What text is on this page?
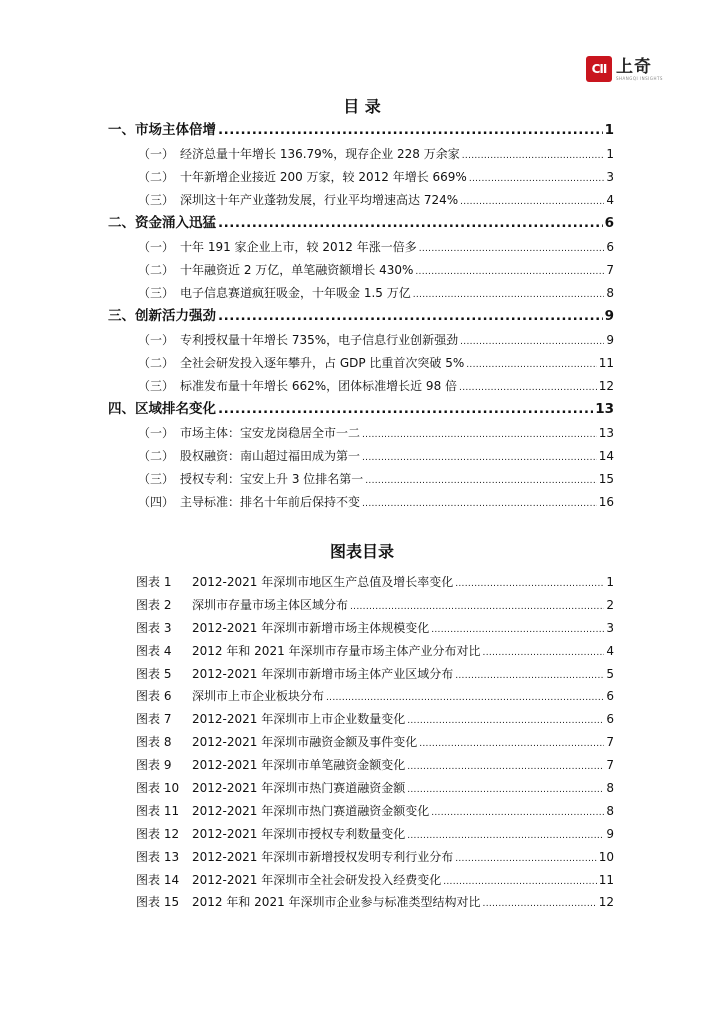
CII 上奇
SHANGQI INSIGHTS
目 录
一、市场主体倍增 .....	1
（一） 经济总量十年增长 136.79%，现存企业 228 万余家 .....	1
（二） 十年新增企业接近 200 万家，较 2012 年增长 669% .....	3
（三） 深圳这十年产业蓬勃发展，行业平均增速高达 724% .....	4
二、资金涌入迅猛 .....	6
（一） 十年 191 家企业上市，较 2012 年涨一倍多 .....	6
（二） 十年融资近 2 万亿，单笔融资额增长 430% .....	7
（三） 电子信息赛道疯狂吸金，十年吸金 1.5 万亿 .....	8
三、创新活力强劲 .....	9
（一） 专利授权量十年增长 735%，电子信息行业创新强劲 .....	9
（二） 全社会研发投入逐年攀升，占 GDP 比重首次突破 5% .....	11
（三） 标准发布量十年增长 662%，团体标准增长近 98 倍 .....	12
四、区域排名变化 .....	13
（一） 市场主体：宝安龙岗稳居全市一二 .....	13
（二） 股权融资：南山超过福田成为第一 .....	14
（三） 授权专利：宝安上升 3 位排名第一 .....	15
（四） 主导标准：排名十年前后保持不变 .....	16
图表目录
图表 1 2012-2021 年深圳市地区生产总值及增长率变化 .....	1
图表 2 深圳市存量市场主体区域分布 .....	2
图表 3 2012-2021 年深圳市新增市场主体规模变化 .....	3
图表 4 2012 年和 2021 年深圳市存量市场主体产业分布对比 .....	4
图表 5 2012-2021 年深圳市新增市场主体产业区域分布 .....	5
图表 6 深圳市上市企业板块分布 .....	6
图表 7 2012-2021 年深圳市上市企业数量变化 .....	6
图表 8 2012-2021 年深圳市融资金额及事件变化 .....	7
图表 9 2012-2021 年深圳市单笔融资金额变化 .....	7
图表 10 2012-2021 年深圳市热门赛道融资金额 .....	8
图表 11 2012-2021 年深圳市热门赛道融资金额变化 .....	8
图表 12 2012-2021 年深圳市授权专利数量变化 .....	9
图表 13 2012-2021 年深圳市新增授权发明专利行业分布 .....	10
图表 14 2012-2021 年深圳市全社会研发投入经费变化 .....	11
图表 15 2012 年和 2021 年深圳市企业参与标准类型结构对比 .....	12
